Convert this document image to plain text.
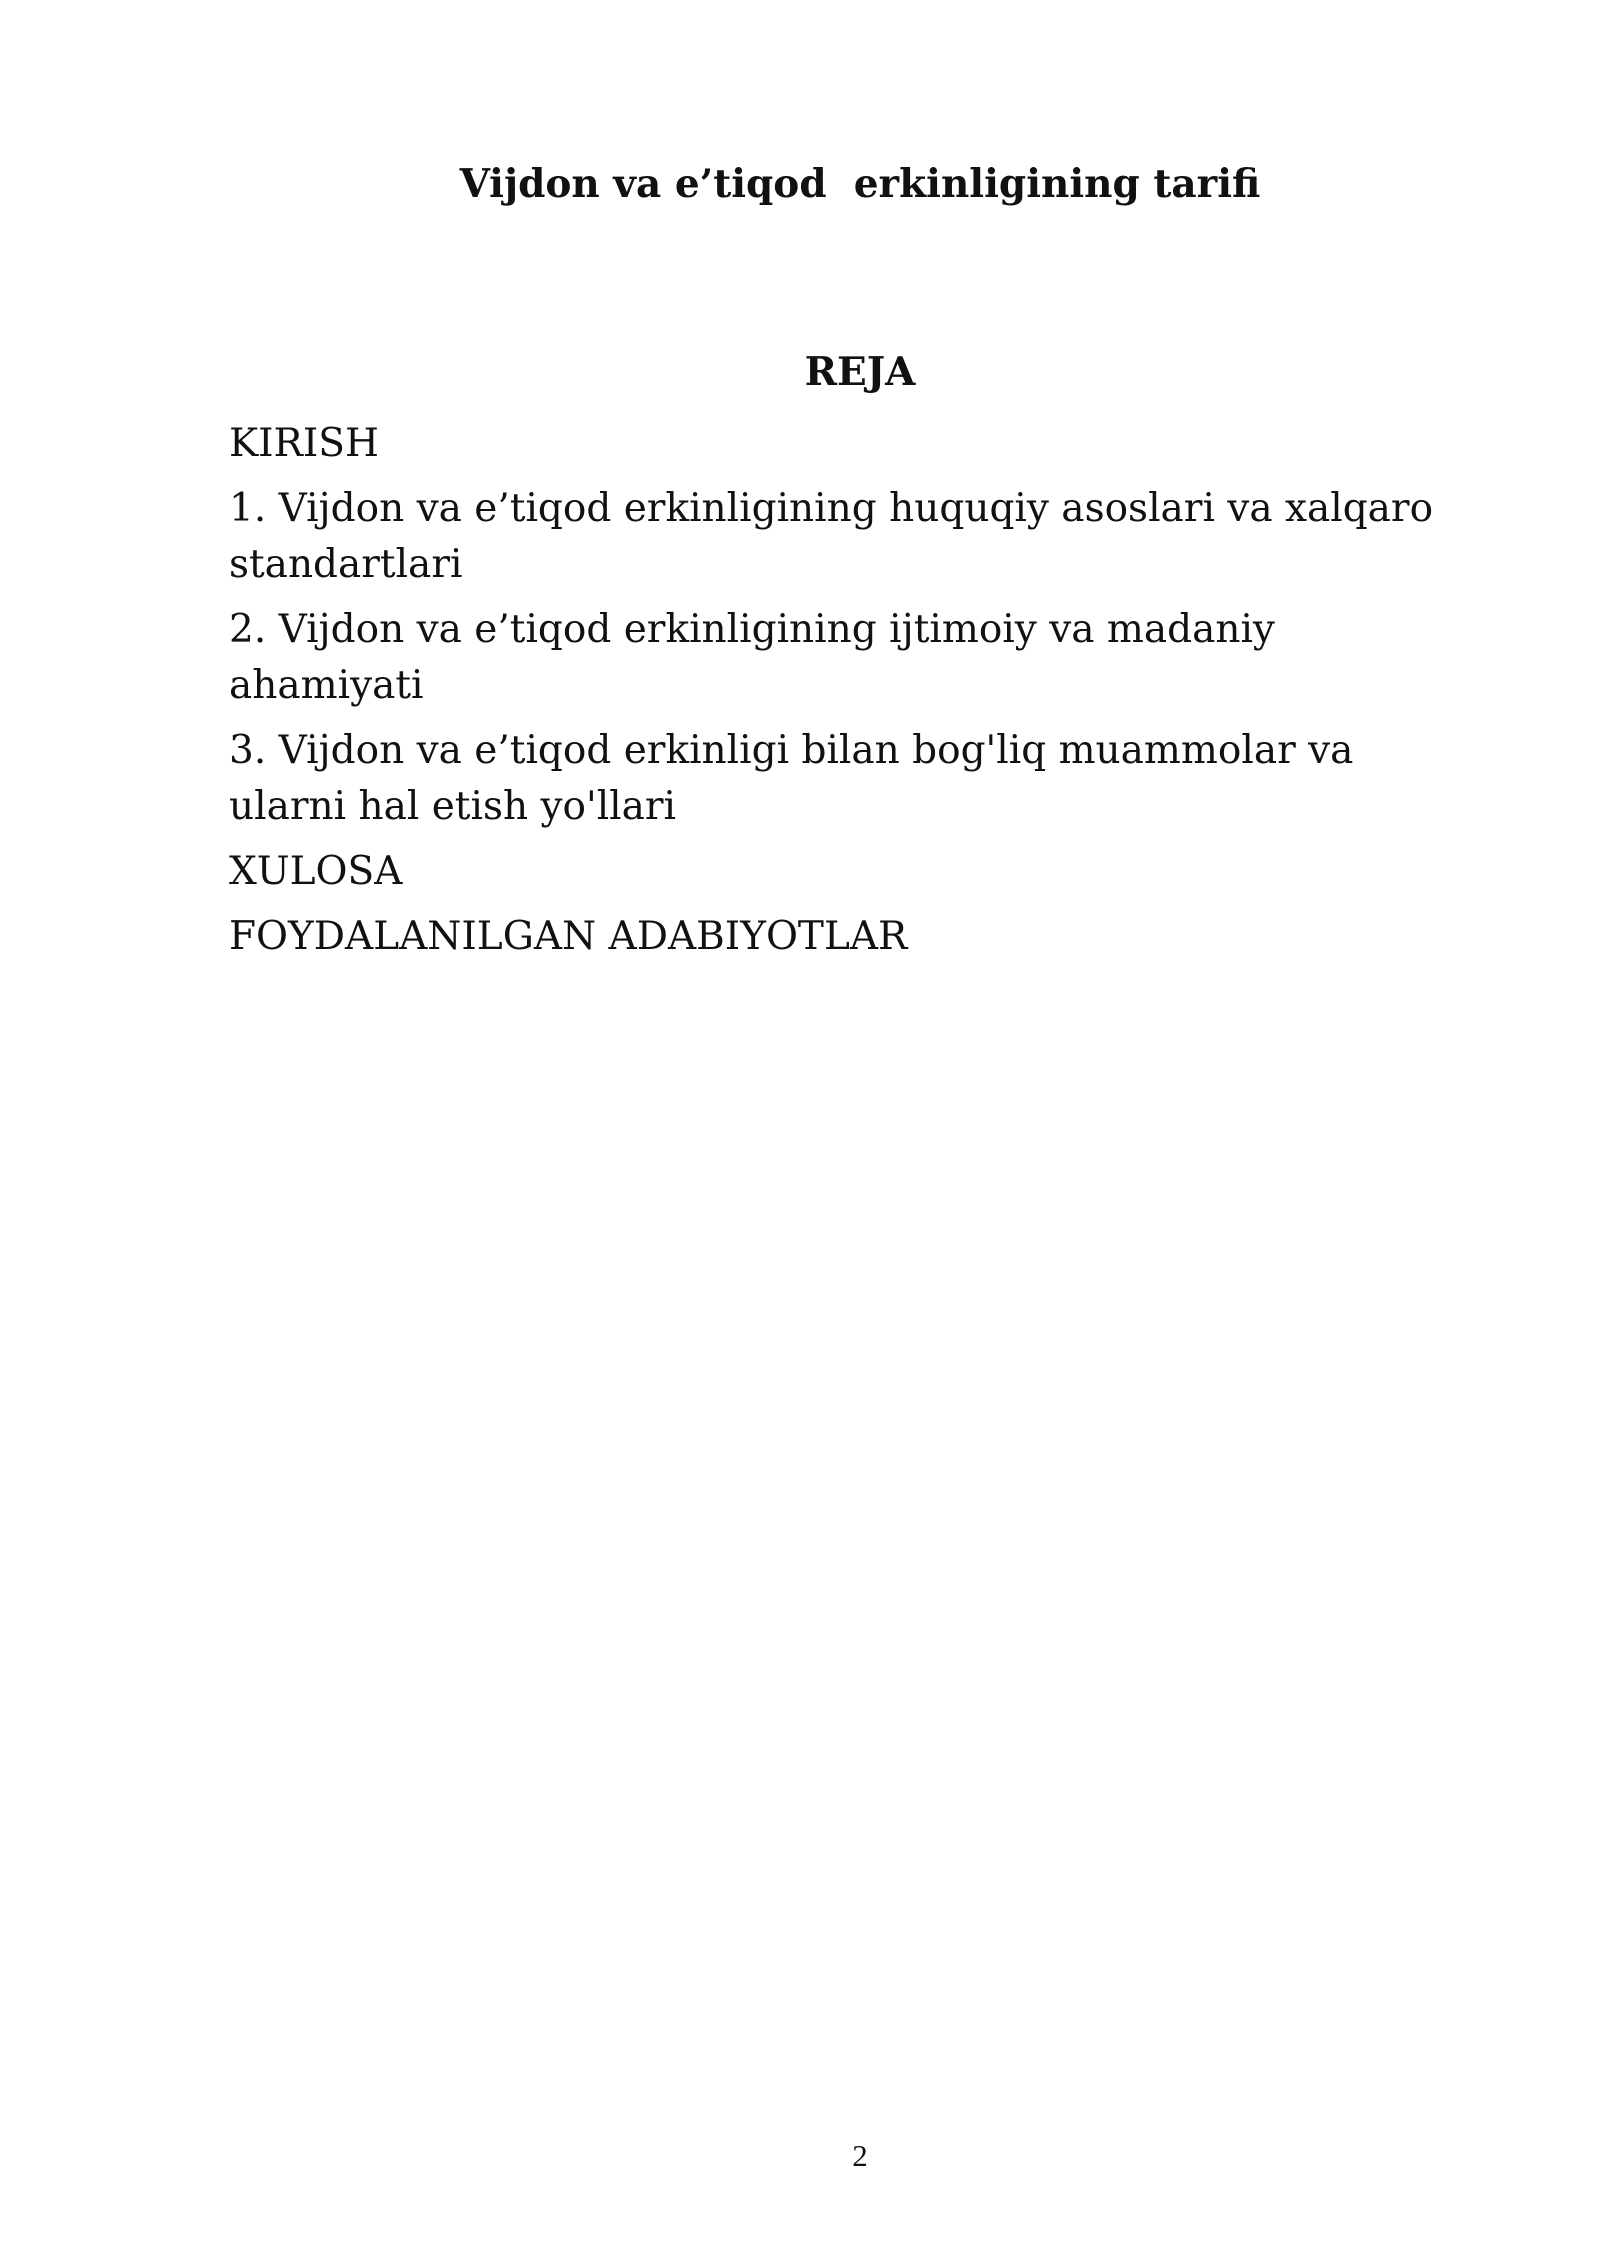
Vijdon va e’tiqod  erkinligining tarifi
REJA
KIRISH
1. Vijdon va e’tiqod erkinligining huquqiy asoslari va xalqaro standartlari
2. Vijdon va e’tiqod erkinligining ijtimoiy va madaniy ahamiyati
3. Vijdon va e’tiqod erkinligi bilan bog'liq muammolar va ularni hal etish yo'llari
XULOSA
FOYDALANILGAN ADABIYOTLAR
2
